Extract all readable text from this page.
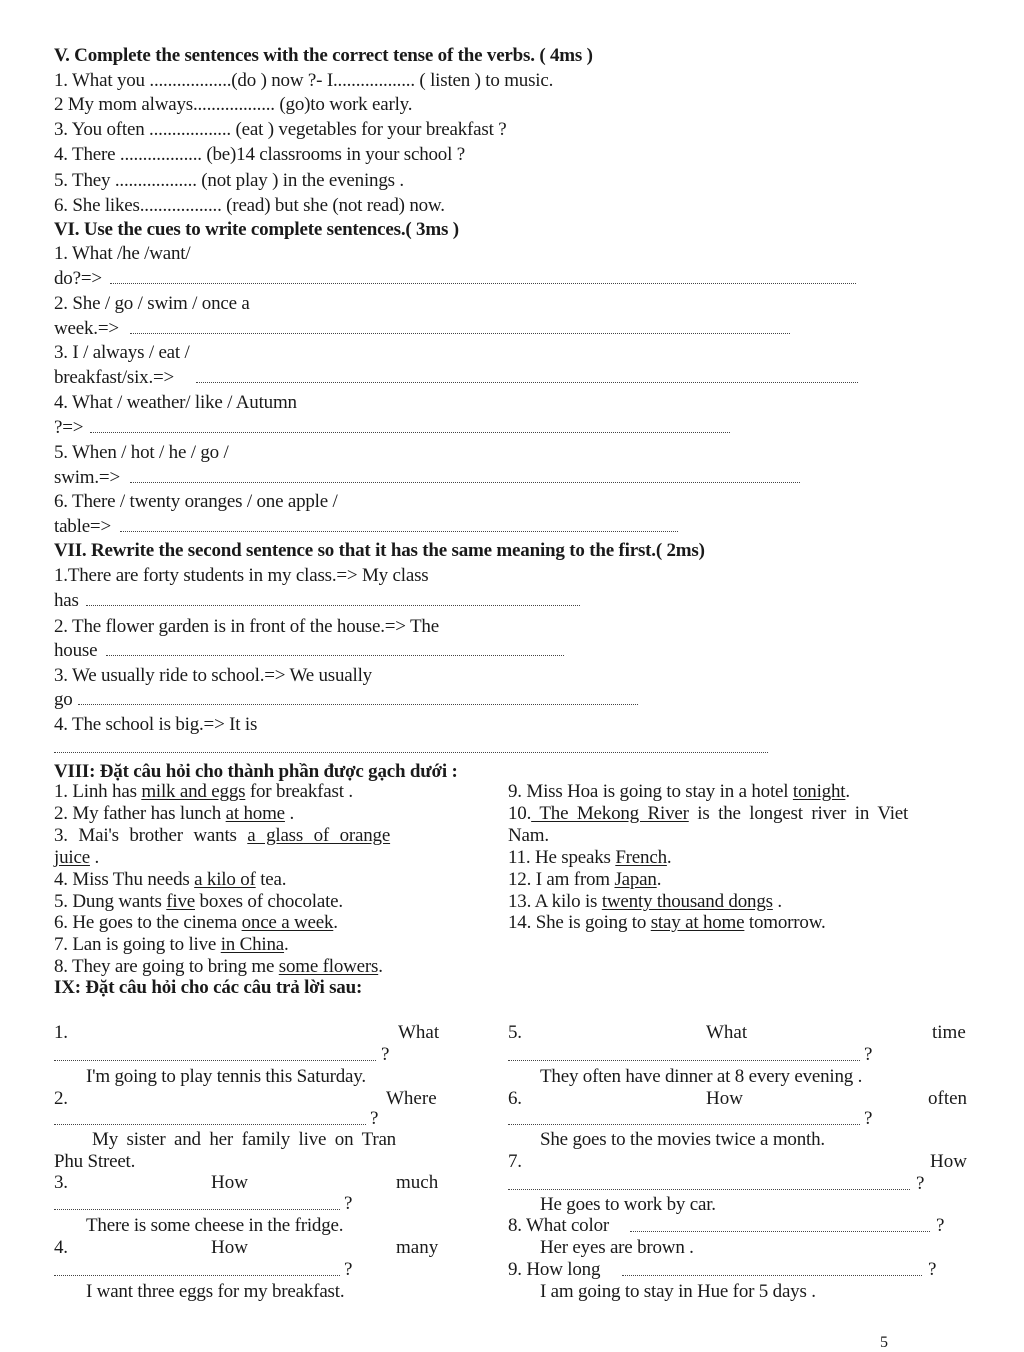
V. Complete the sentences with the correct tense of the verbs. ( 4ms )
1. What you ..................(do ) now ?- I.................. ( listen ) to music.
2 My mom always.................. (go)to work early.
3. You often .................. (eat ) vegetables for your breakfast ?
4. There .................. (be)14 classrooms in your school ?
5. They .................. (not play ) in the evenings .
6. She likes.................. (read) but she (not read) now.
VI. Use the cues to write complete sentences.( 3ms )
1. What /he /want/
do?=>
2. She / go / swim / once a
week.=>
3. I / always / eat /
breakfast/six.=>
4. What / weather/ like / Autumn
?=>
5. When / hot / he / go /
swim.=>
6. There / twenty oranges / one apple /
table=>
VII. Rewrite the second sentence so that it has the same meaning to the first.( 2ms)
1.There are forty students in my class.=> My class
has
2. The flower garden is in front of the house.=> The
house
3. We usually ride to school.=> We usually
go
4. The school is big.=> It is
VIII: Đặt câu hỏi cho thành phần được gạch dưới :
1. Linh has milk and eggs for breakfast .
2. My father has lunch at home .
3. Mai's brother wants a glass of orange
juice .
4. Miss Thu needs a kilo of tea.
5. Dung wants five boxes of chocolate.
6. He goes to the cinema once a week.
7. Lan is going to live in China.
8. They are going to bring me some flowers.
9. Miss Hoa is going to stay in a hotel tonight.
10. The Mekong River is the longest river in Viet
Nam.
11. He speaks French.
12. I am from Japan.
13. A kilo is twenty thousand dongs .
14. She is going to stay at home tomorrow.
IX: Đặt câu hỏi cho các câu trả lời sau:
1.	What
?
I'm going to play tennis this Saturday.
2.	Where
?
My sister and her family live on Tran
Phu Street.
3.	How	much
?
There is some cheese in the fridge.
4.	How	many
?
I want three eggs for my breakfast.
5.	What	time
?
They often have dinner at 8 every evening .
6.	How	often
?
She goes to the movies twice a month.
7.	How
?
He goes to work by car.
8. What color	?
Her eyes are brown .
9. How long	?
I am going to stay in Hue for 5 days .
5
